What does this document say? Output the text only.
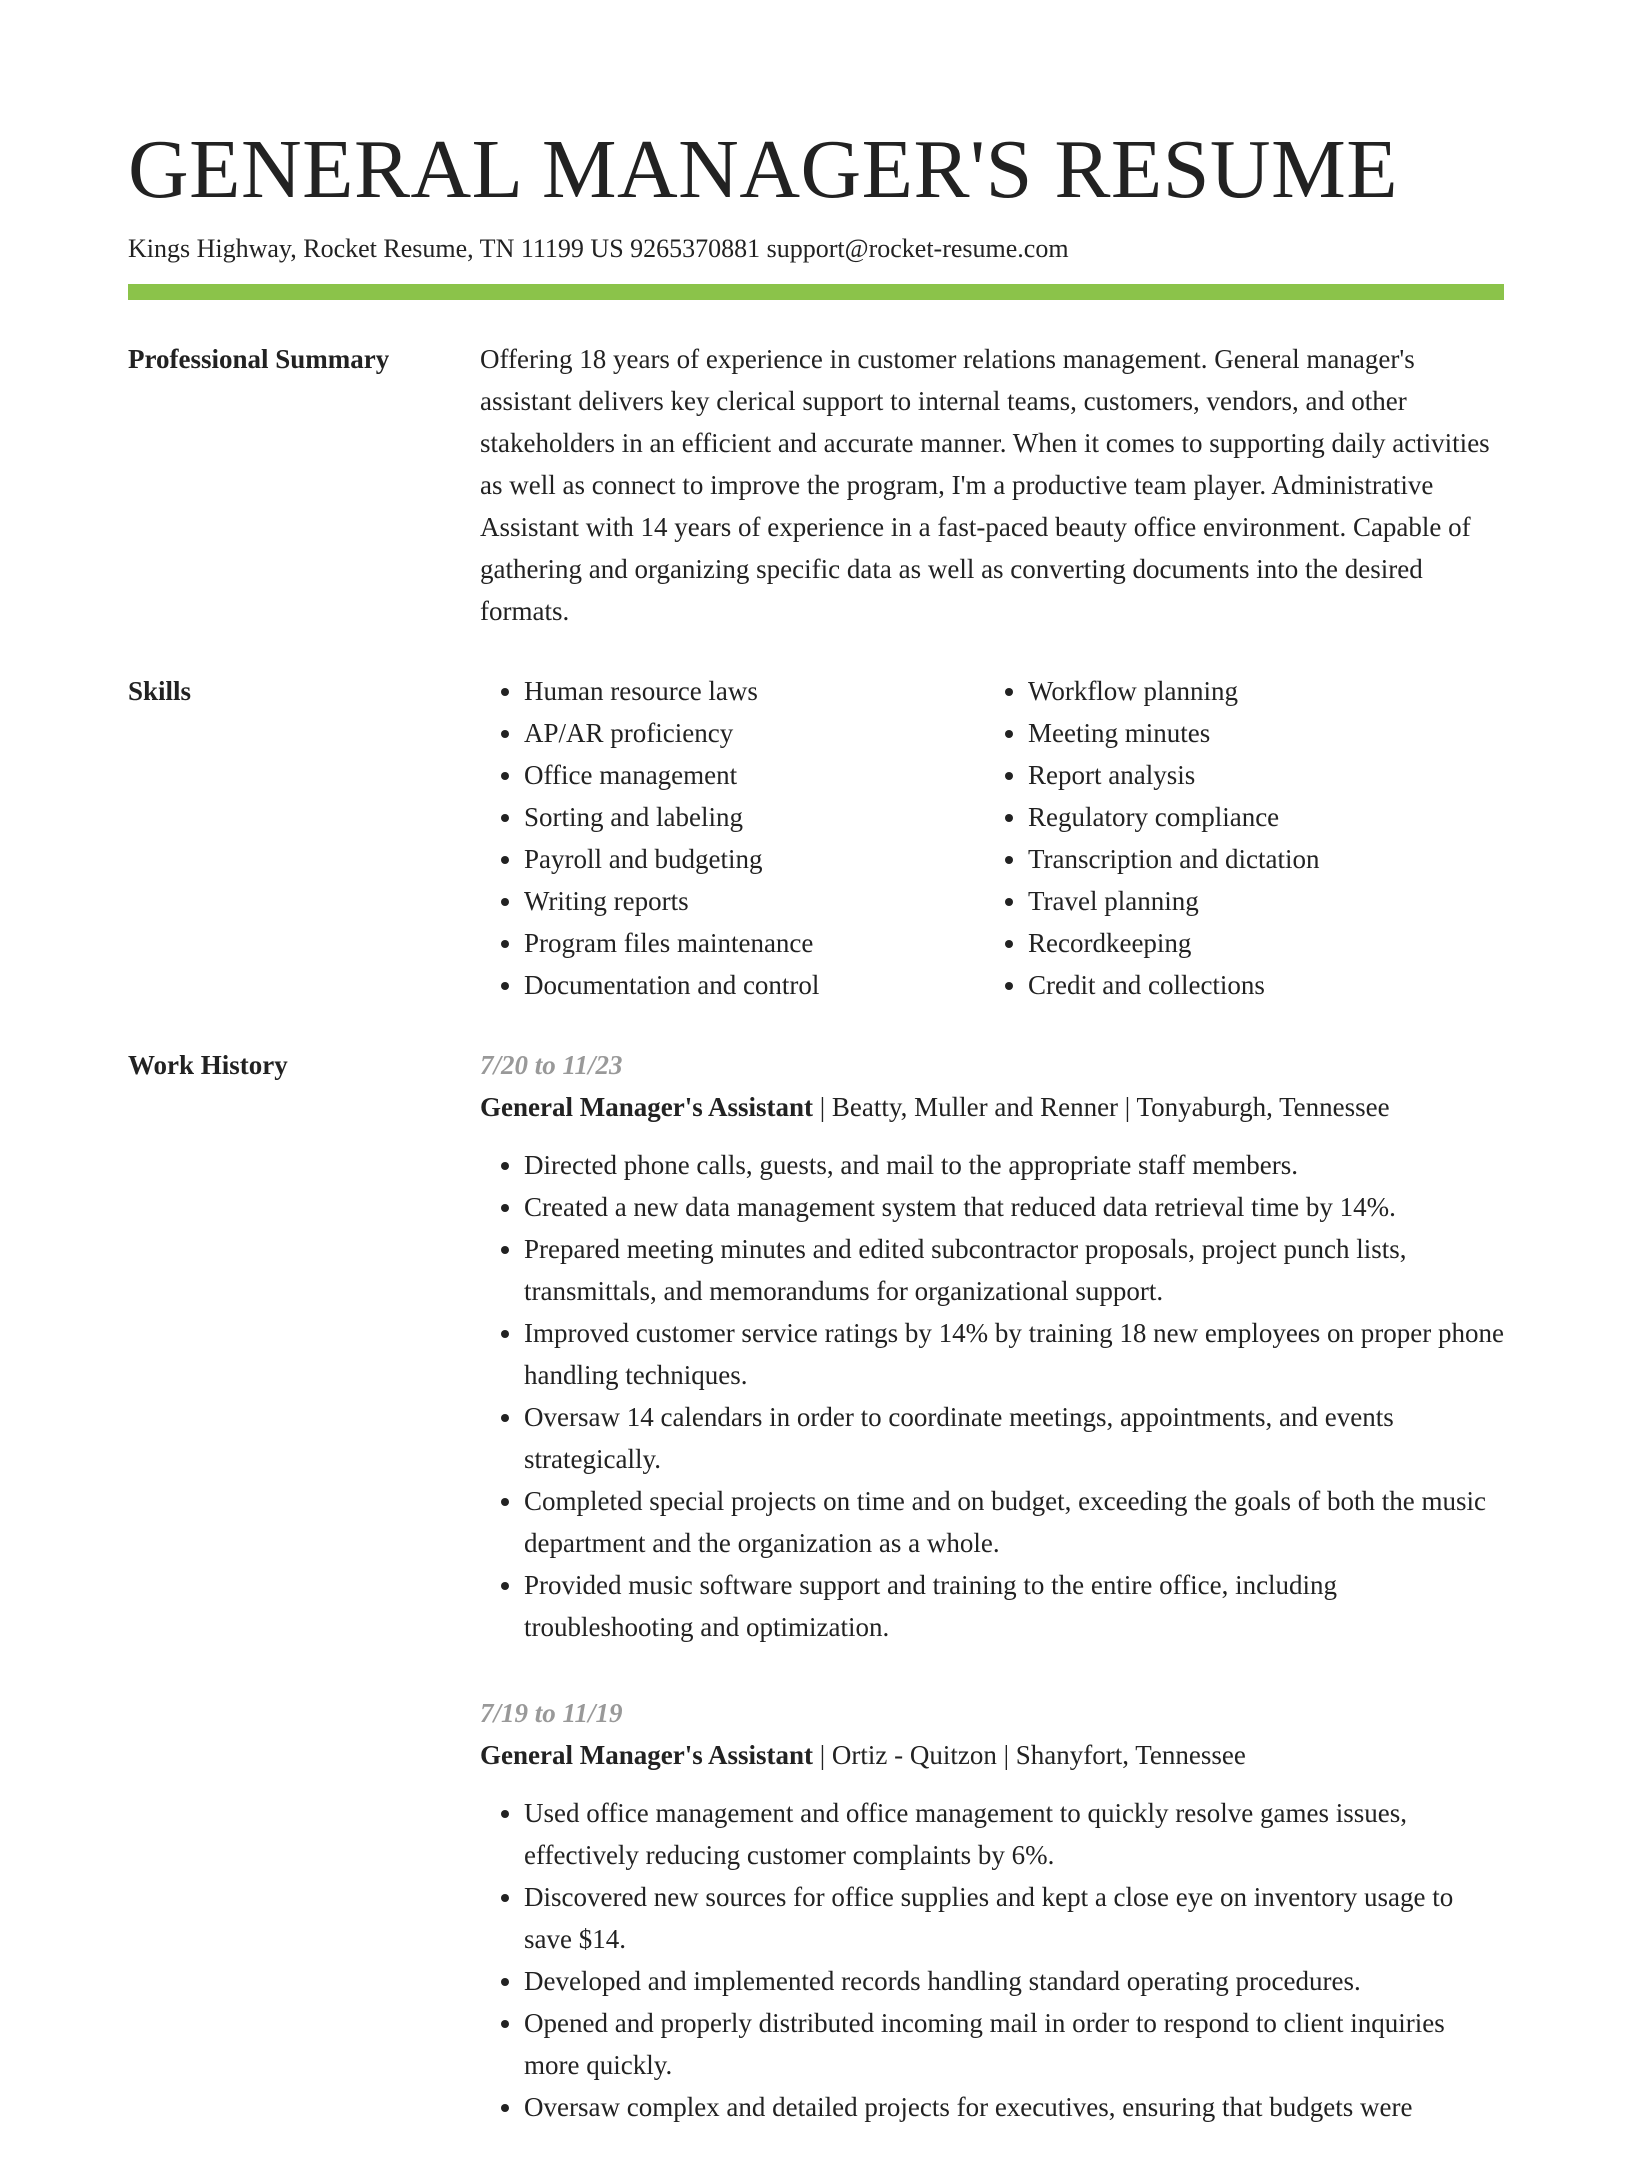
GENERAL MANAGER'S RESUME
Kings Highway, Rocket Resume, TN 11199 US 9265370881 support@rocket-resume.com
Professional Summary	Offering 18 years of experience in customer relations management. General manager's assistant delivers key clerical support to internal teams, customers, vendors, and other stakeholders in an efficient and accurate manner. When it comes to supporting daily activities as well as connect to improve the program, I'm a productive team player. Administrative Assistant with 14 years of experience in a fast-paced beauty office environment. Capable of gathering and organizing specific data as well as converting documents into the desired formats.

Skills
•	Human resource laws
• AP/AR proficiency
• Office management
• Sorting and labeling
• Payroll and budgeting
• Writing reports
• Program files maintenance
• Documentation and control
• Workflow planning
• Meeting minutes
• Report analysis
• Regulatory compliance
• Transcription and dictation
• Travel planning
• Recordkeeping
• Credit and collections
Work History	7/20 to 11/23
General Manager's Assistant | Beatty, Muller and Renner | Tonyaburgh, Tennessee
• Directed phone calls, guests, and mail to the appropriate staff members.
• Created a new data management system that reduced data retrieval time by 14%.
• Prepared meeting minutes and edited subcontractor proposals, project punch lists, transmittals, and memorandums for organizational support.
• Improved customer service ratings by 14% by training 18 new employees on proper phone handling techniques.
• Oversaw 14 calendars in order to coordinate meetings, appointments, and events strategically.
• Completed special projects on time and on budget, exceeding the goals of both the music department and the organization as a whole.
• Provided music software support and training to the entire office, including troubleshooting and optimization.
7/19 to 11/19
General Manager's Assistant | Ortiz - Quitzon | Shanyfort, Tennessee
• Used office management and office management to quickly resolve games issues, effectively reducing customer complaints by 6%.
• Discovered new sources for office supplies and kept a close eye on inventory usage to save $14.
• Developed and implemented records handling standard operating procedures.
• Opened and properly distributed incoming mail in order to respond to client inquiries more quickly.
• Oversaw complex and detailed projects for executives, ensuring that budgets were
